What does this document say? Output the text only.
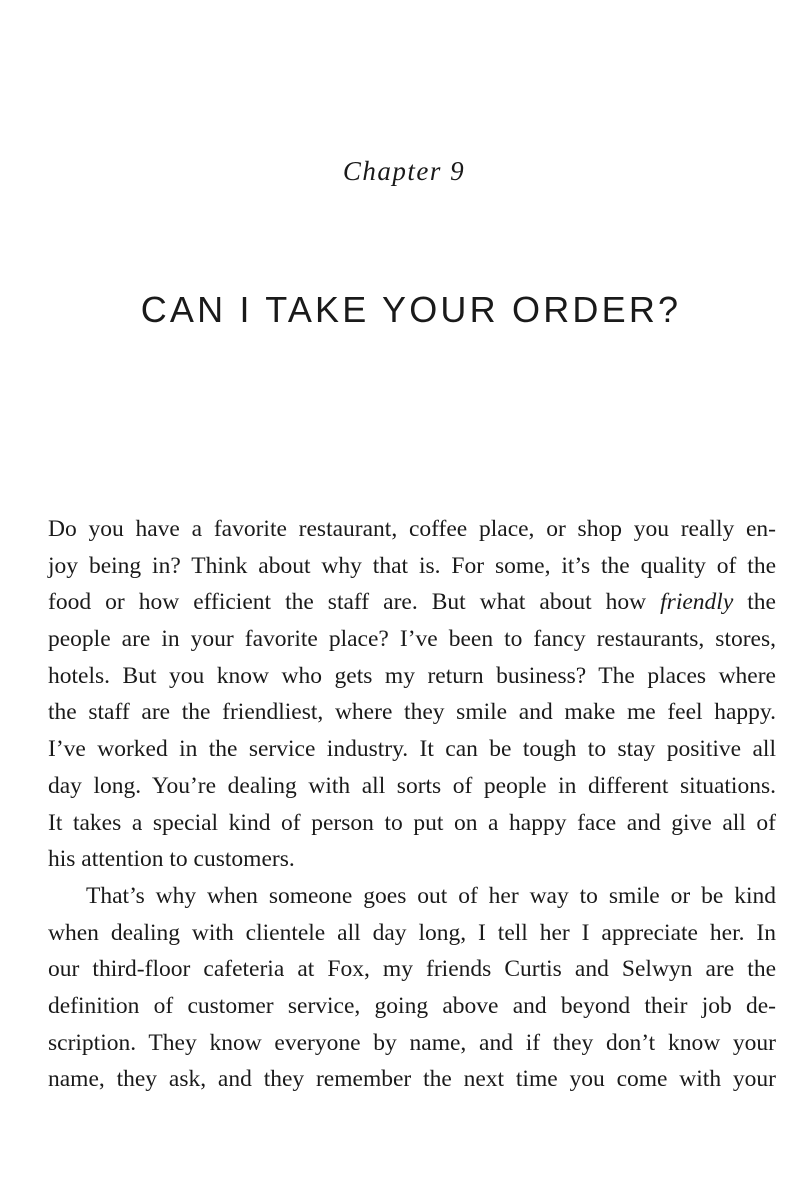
Chapter 9
CAN I TAKE YOUR ORDER?
Do you have a favorite restaurant, coffee place, or shop you really en-
joy being in? Think about why that is. For some, it’s the quality of the
food or how efficient the staff are. But what about how friendly the
people are in your favorite place? I’ve been to fancy restaurants, stores,
hotels. But you know who gets my return business? The places where
the staff are the friendliest, where they smile and make me feel happy.
I’ve worked in the service industry. It can be tough to stay positive all
day long. You’re dealing with all sorts of people in different situations.
It takes a special kind of person to put on a happy face and give all of
his attention to customers.
That’s why when someone goes out of her way to smile or be kind
when dealing with clientele all day long, I tell her I appreciate her. In
our third-floor cafeteria at Fox, my friends Curtis and Selwyn are the
definition of customer service, going above and beyond their job de-
scription. They know everyone by name, and if they don’t know your
name, they ask, and they remember the next time you come with your
